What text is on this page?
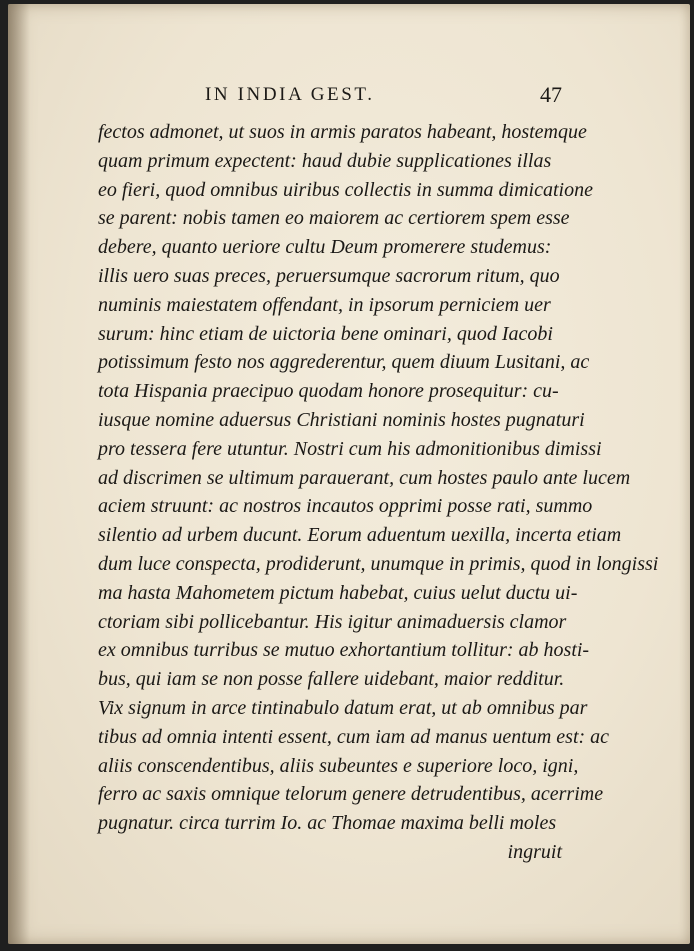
IN INDIA GEST.	47
fectos admonet, ut suos in armis paratos habeant, hostemque
quam primum expectent: haud dubie supplicationes illas
eo fieri, quod omnibus uiribus collectis in summa dimicatione
se parent: nobis tamen eo maiorem ac certiorem spem esse
debere, quanto ueriore cultu Deum promerere studemus:
illis uero suas preces, peruersumque sacrorum ritum, quo
numinis maiestatem offendant, in ipsorum perniciem uer
surum: hinc etiam de uictoria bene ominari, quod Iacobi
potissimum festo nos aggrederentur, quem diuum Lusitani, ac
tota Hispania praecipuo quodam honore prosequitur: cu-
iusque nomine aduersus Christiani nominis hostes pugnaturi
pro tessera fere utuntur. Nostri cum his admonitionibus dimissi
ad discrimen se ultimum parauerant, cum hostes paulo ante lucem
aciem struunt: ac nostros incautos opprimi posse rati, summo
silentio ad urbem ducunt. Eorum aduentum uexilla, incerta etiam
dum luce conspecta, prodiderunt, unumque in primis, quod in longissi
ma hasta Mahometem pictum habebat, cuius uelut ductu ui-
ctoriam sibi pollicebantur. His igitur animaduersis clamor
ex omnibus turribus se mutuo exhortantium tollitur: ab hosti-
bus, qui iam se non posse fallere uidebant, maior redditur.
Vix signum in arce tintinabulo datum erat, ut ab omnibus par
tibus ad omnia intenti essent, cum iam ad manus uentum est: ac
aliis conscendentibus, aliis subeuntes e superiore loco, igni,
ferro ac saxis omnique telorum genere detrudentibus, acerrime
pugnatur. circa turrim Io. ac Thomae maxima belli moles
ingruit
